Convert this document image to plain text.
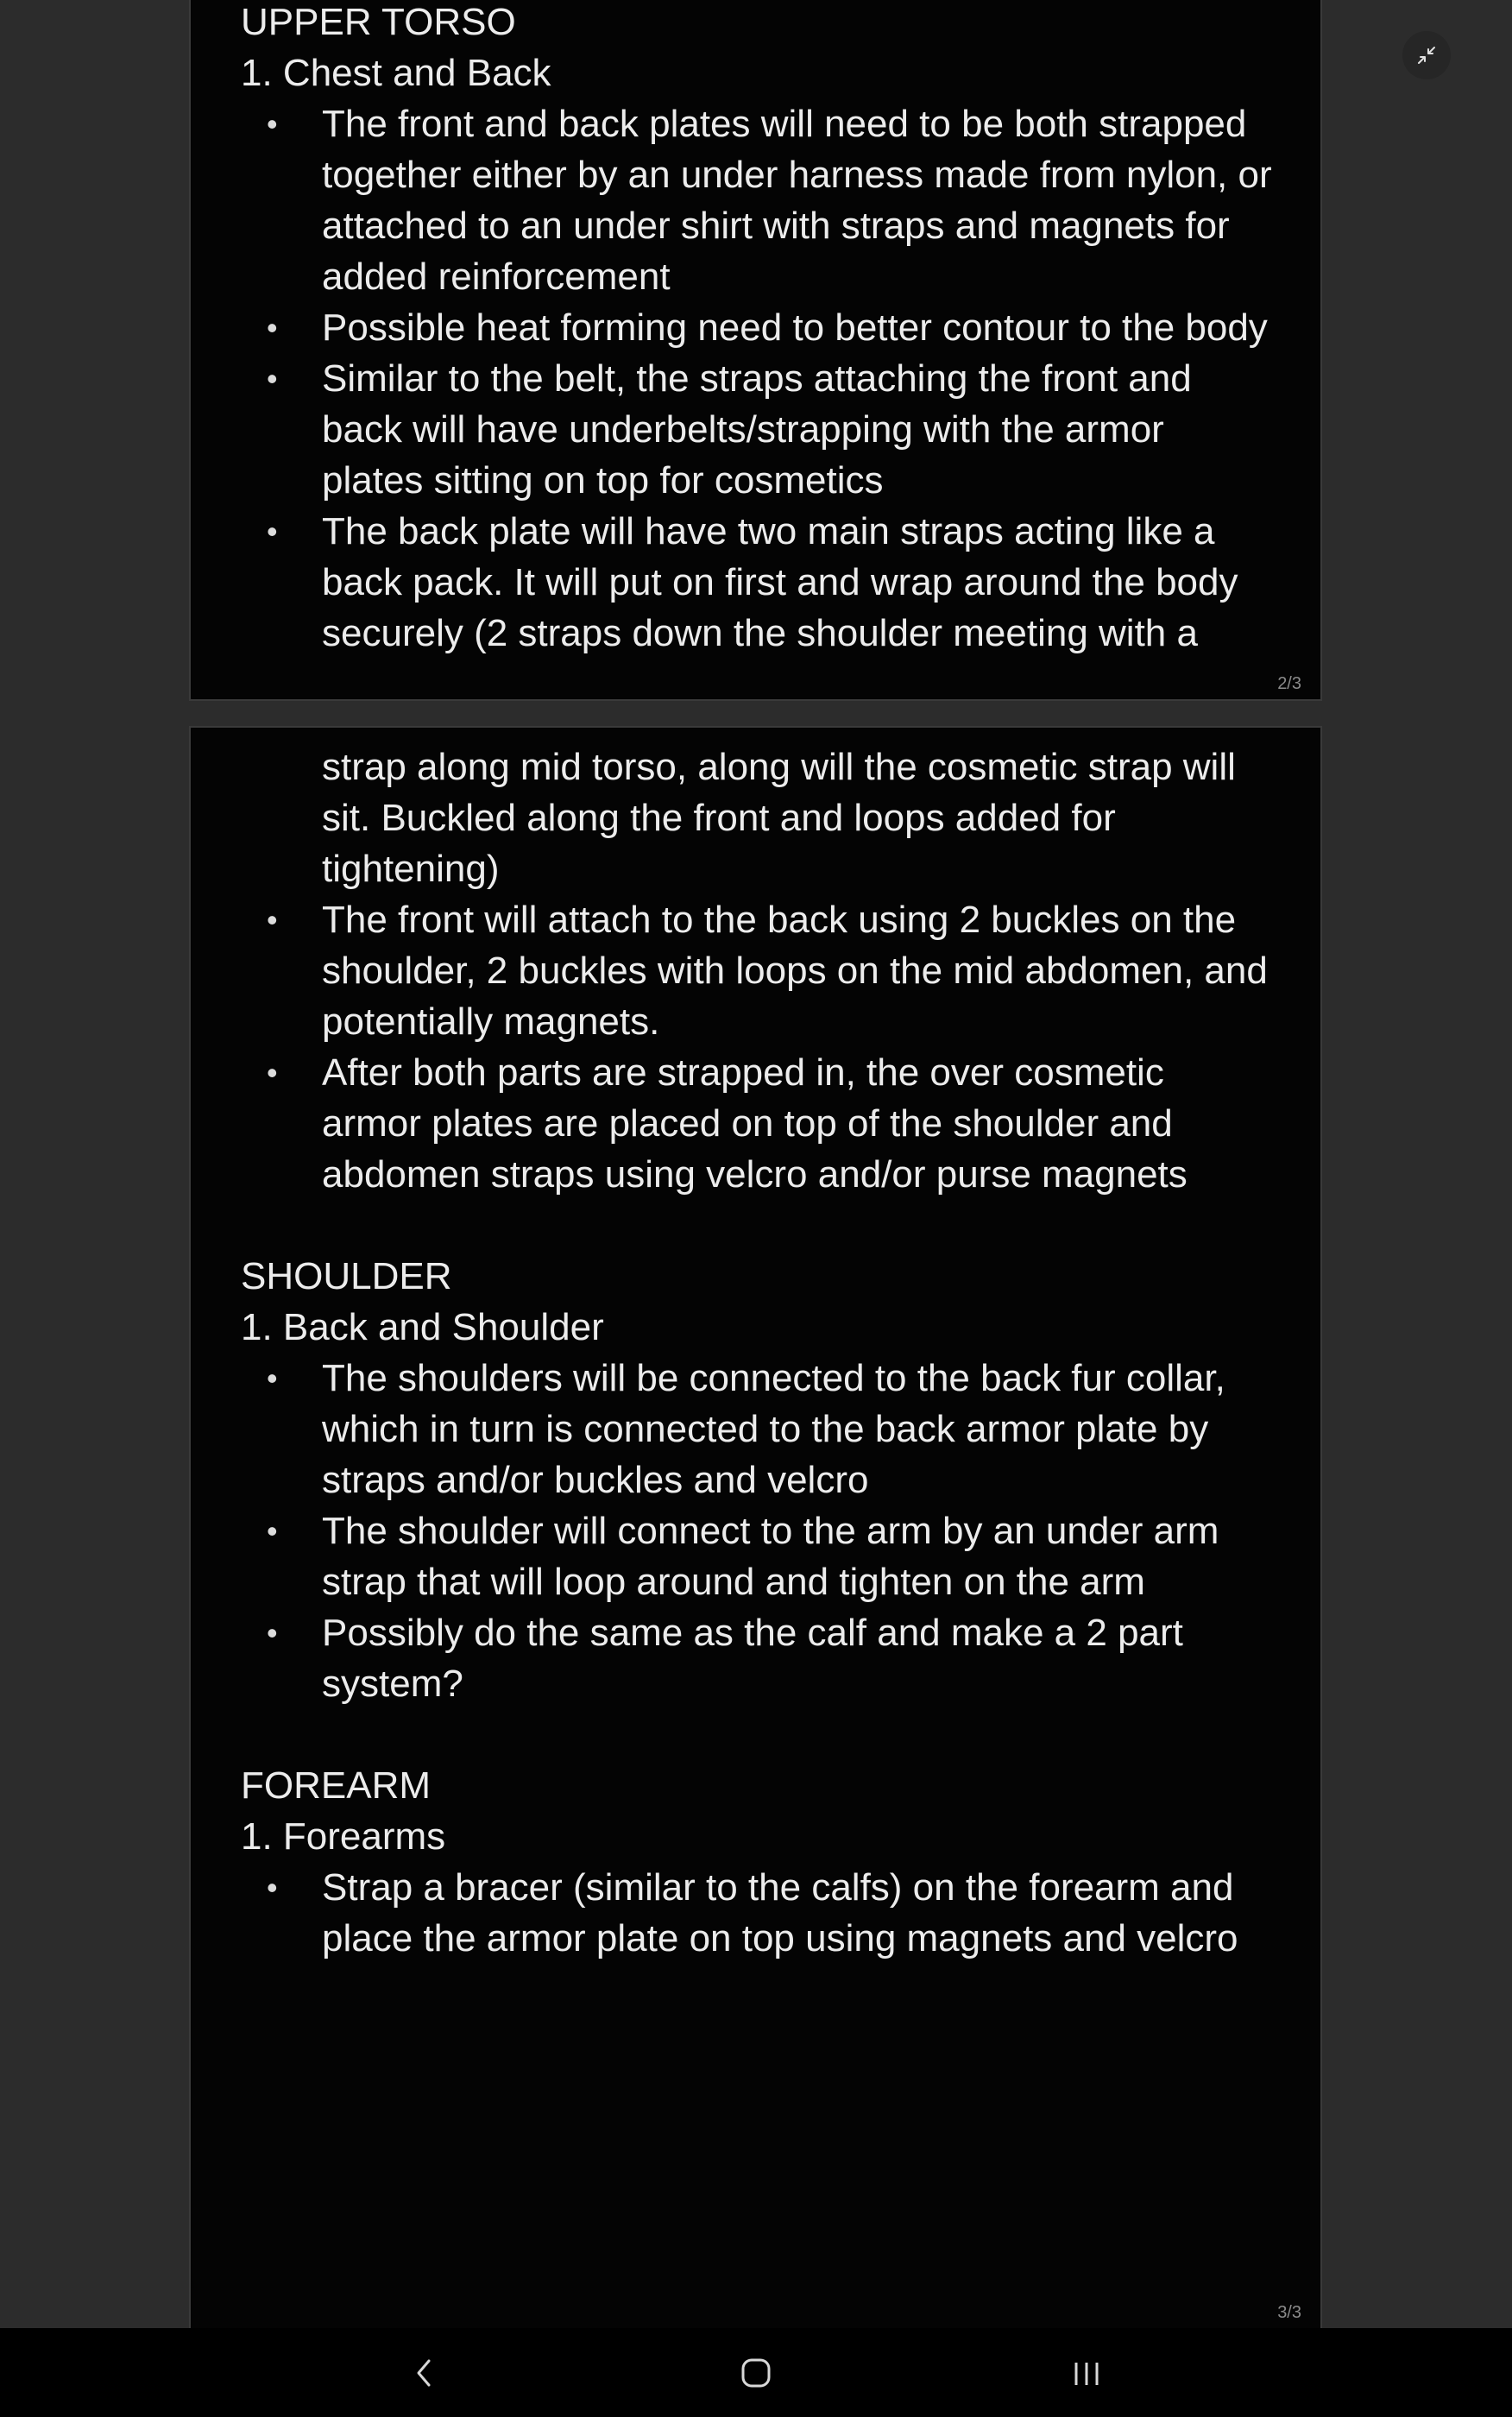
UPPER TORSO

1. Chest and Back

• The front and back plates will need to be both strapped
together either by an under harness made from nylon, or
attached to an under shirt with straps and magnets for
added reinforcement
• Possible heat forming need to better contour to the body
• Similar to the belt, the straps attaching the front and
back will have underbelts/strapping with the armor
plates sitting on top for cosmetics
• The back plate will have two main straps acting like a
back pack. It will put on first and wrap around the body
securely (2 straps down the shoulder meeting with a
2/3

strap along mid torso, along will the cosmetic strap will
sit. Buckled along the front and loops added for
tightening)

• The front will attach to the back using 2 buckles on the
shoulder, 2 buckles with loops on the mid abdomen, and
potentially magnets.
• After both parts are strapped in, the over cosmetic
armor plates are placed on top of the shoulder and
abdomen straps using velcro and/or purse magnets

SHOULDER

1. Back and Shoulder

• The shoulders will be connected to the back fur collar,
which in turn is connected to the back armor plate by
straps and/or buckles and velcro
• The shoulder will connect to the arm by an under arm
strap that will loop around and tighten on the arm
• Possibly do the same as the calf and make a 2 part
system?

FOREARM

1. Forearms

• Strap a bracer (similar to the calfs) on the forearm and
place the armor plate on top using magnets and velcro
3/3
